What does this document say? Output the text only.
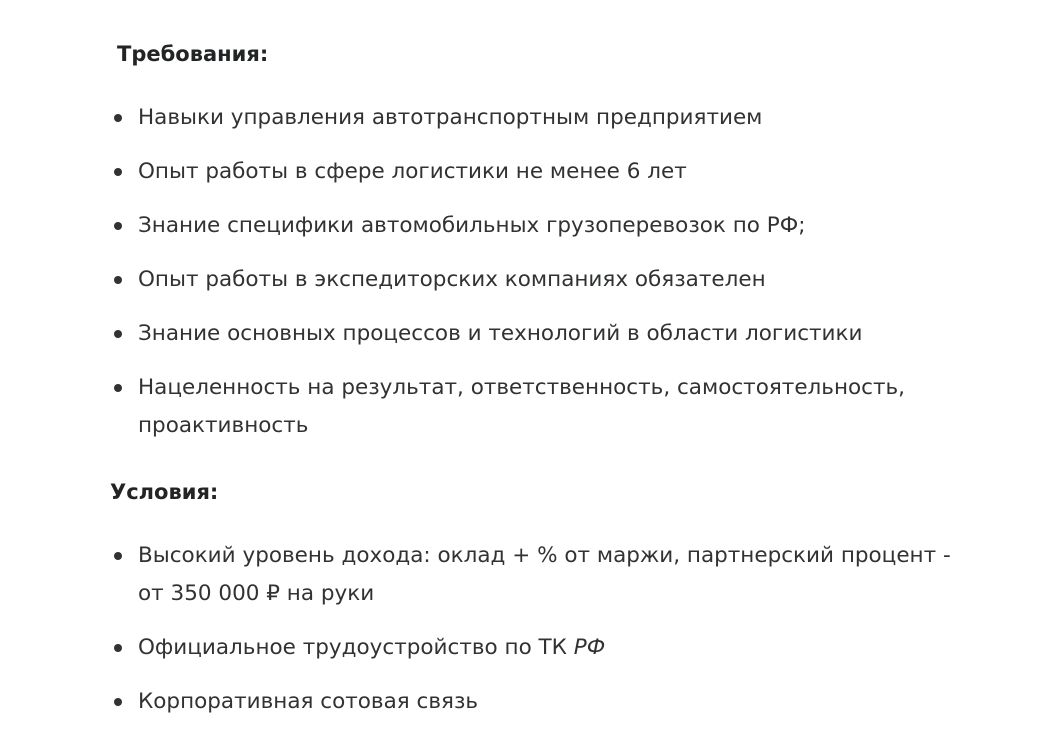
Требования:
Навыки управления автотранспортным предприятием
Опыт работы в сфере логистики не менее 6 лет
Знание специфики автомобильных грузоперевозок по РФ;
Опыт работы в экспедиторских компаниях обязателен
Знание основных процессов и технологий в области логистики
Нацеленность на результат, ответственность, самостоятельность, проактивность
Условия:
Высокий уровень дохода: оклад + % от маржи, партнерский процент - от 350 000 ₽ на руки
Официальное трудоустройство по ТК РФ
Корпоративная сотовая связь
